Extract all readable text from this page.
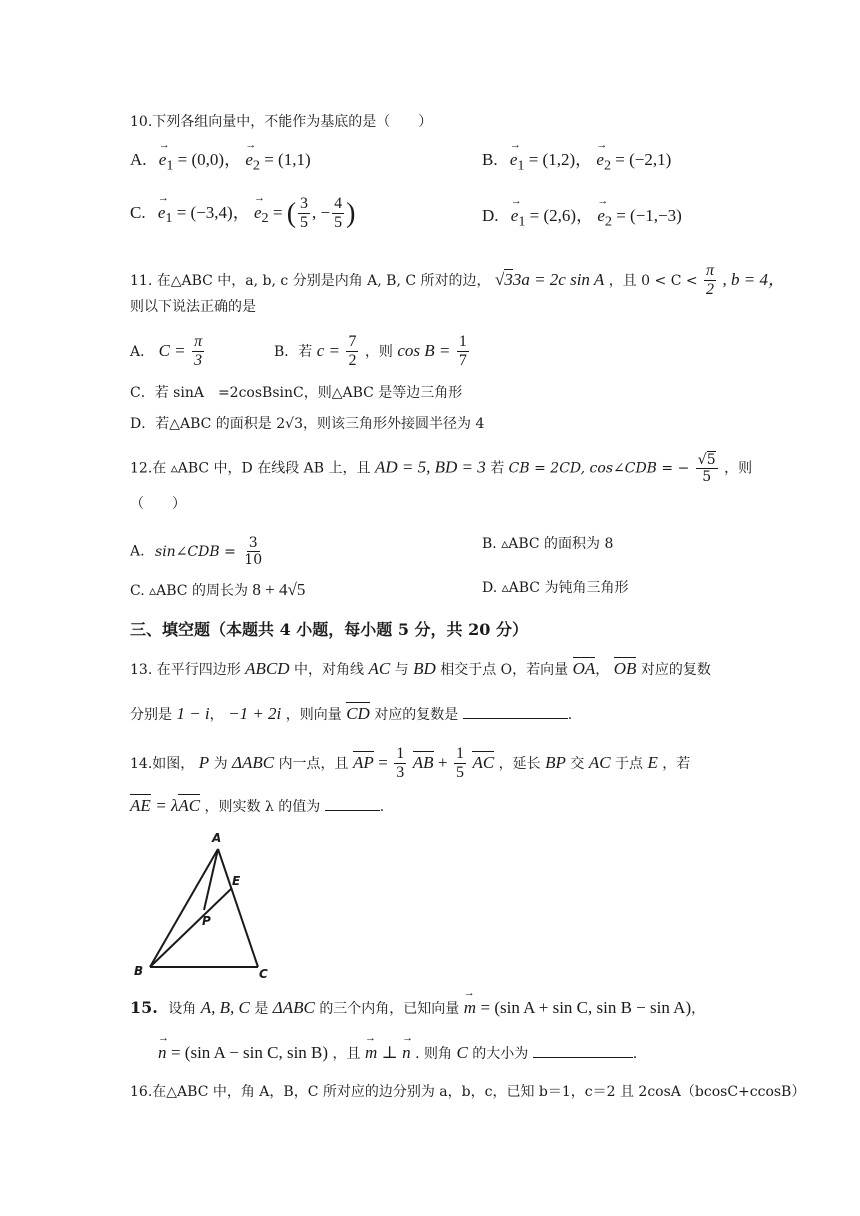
10.下列各组向量中，不能作为基底的是（　　）
A. → $e_1 = (0,0)$， → $e_2 = (1,1)$	B. → $e_1 = (1,2)$， → $e_2 = (-2,1)$
C. → $e_1 = (-3,4)$， → $e_2$ = ( $\frac{3}{5}$ , − $\frac{4}{5}$ )	D. → $e_1 = (2,6)$， → $e_2 = (-1,-3)$
11. 在△ABC 中，a, b, c 分别是内角 A, B, C 所对的边， √33a = 2c sin A ，且 $0 < C < \frac{\pi}{2}$ , b = 4，
则以下说法正确的是
A． $C = \frac{\pi}{3}$	B．若 $c = \frac{7}{2}$ ，则 $\cos B = \frac{1}{7}$
C．若 sinA　=2cosBsinC，则△ABC 是等边三角形
D．若△ABC 的面积是 2√3，则该三角形外接圆半径为 4
12.在 ▵ABC 中，D 在线段 AB 上，且 AD = 5, BD = 3 若 CB = 2CD, cos∠CDB = − $\frac{√5}{5}$ ，则
（　　）
A. sin∠CDB = $\frac{3}{10}$	B. ▵ABC 的面积为 8
C. ▵ABC 的周长为 8 + 4√5	D. ▵ABC 为钝角三角形
三、填空题（本题共 4 小题，每小题 5 分，共 20 分）
13. 在平行四边形 ABCD 中，对角线 AC 与 BD 相交于点 O，若向量 OA， OB 对应的复数
分别是 1 − i， −1 + 2i ，则向量 CD 对应的复数是	.
14.如图， P 为 ΔABC 内一点，且 AP = $\frac{1}{3}$ AB + $\frac{1}{5}$ AC ，延长 BP 交 AC 于点 E ，若
AE = λAC ，则实数 λ 的值为	.
A
B	C
E
P
15. 设角 A, B, C 是 ΔABC 的三个内角，已知向量 → m = (sin A + sin C, sin B − sin A)，
→ n = (sin A − sin C, sin B) ，且 → m ⊥ → n . 则角 C 的大小为	.
16.在△ABC 中，角 A，B，C 所对应的边分别为 a，b，c，已知 b＝1，c＝2 且 2cosA（bcosC+ccosB）
